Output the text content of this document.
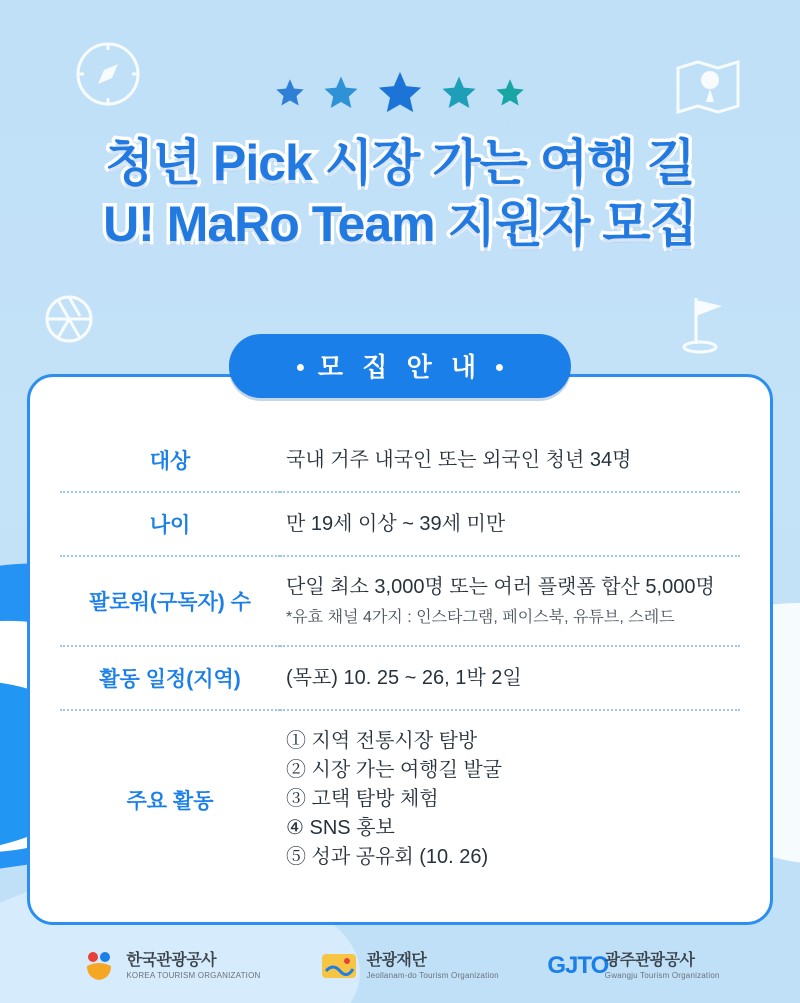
청년 Pick 시장 가는 여행 길
U! MaRo Team 지원자 모집
모 집 안 내
대상	국내 거주 내국인 또는 외국인 청년 34명
나이	만 19세 이상 ~ 39세 미만
팔로워(구독자) 수	단일 최소 3,000명 또는 여러 플랫폼 합산 5,000명
*유효 채널 4가지 : 인스타그램, 페이스북, 유튜브, 스레드

활동 일정(지역)	(목포) 10. 25 ~ 26, 1박 2일
주요 활동	① 지역 전통시장 탐방
② 시장 가는 여행길 발굴
③ 고택 탐방 체험
④ SNS 홍보
⑤ 성과 공유회 (10. 26)
한국관광공사
KOREA TOURISM ORGANIZATION
관광재단
Jeollanam-do Tourism Organization GJTO
광주관광공사
Gwangju Tourism Organization
